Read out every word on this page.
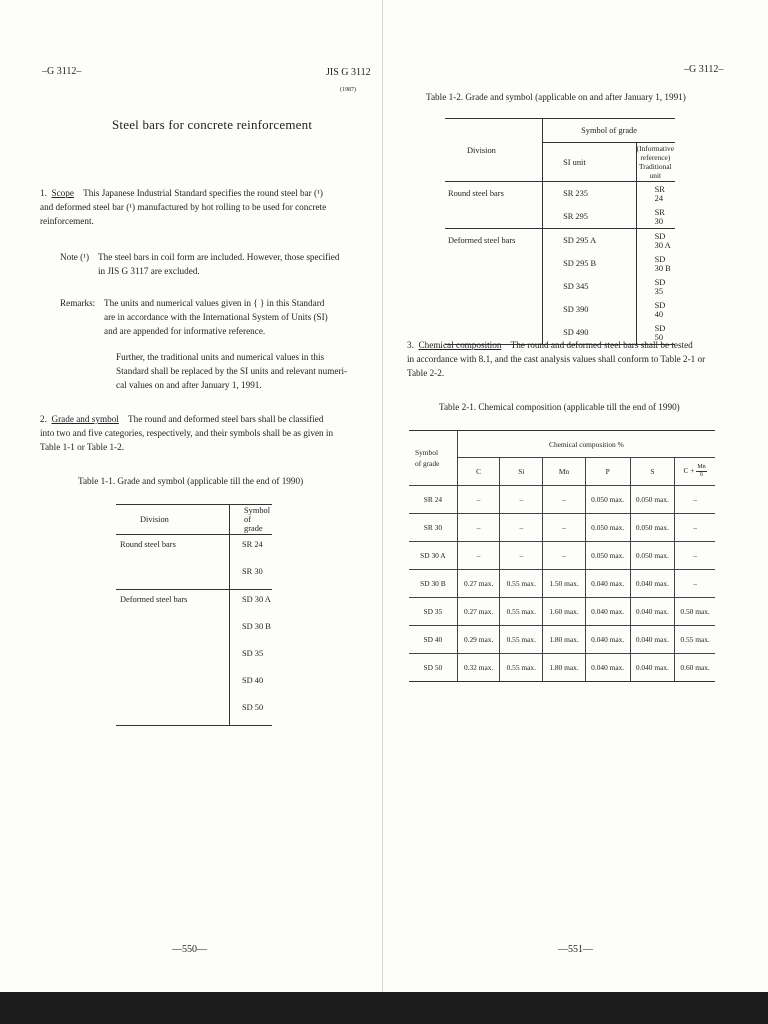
–G 3112–	JIS G 3112
(1987)
Steel bars for concrete reinforcement
1. Scope This Japanese Industrial Standard specifies the round steel bar (¹)
and deformed steel bar (¹) manufactured by hot rolling to be used for concrete
reinforcement.
Note (¹) The steel bars in coil form are included. However, those specified
in JIS G 3117 are excluded.
Remarks: The units and numerical values given in { } in this Standard
are in accordance with the International System of Units (SI)
and are appended for informative reference.
Further, the traditional units and numerical values in this
Standard shall be replaced by the SI units and relevant numeri-
cal values on and after January 1, 1991.
2. Grade and symbol The round and deformed steel bars shall be classified
into two and five categories, respectively, and their symbols shall be as given in
Table 1-1 or Table 1-2.
Table 1-1. Grade and symbol (applicable till the end of 1990)
Division	Symbol of grade
Round steel bars	SR 24
	SR 30
Deformed steel bars	SD 30 A
	SD 30 B
	SD 35
	SD 40
	SD 50
—550—
–G 3112–
Table 1-2. Grade and symbol (applicable on and after January 1, 1991)
Division	Symbol of grade	
	SI unit	(Informative reference)
Traditional unit

Round steel bars	SR 235	SR 24
	SR 295	SR 30
Deformed steel bars	SD 295 A	SD 30 A
	SD 295 B	SD 30 B
	SD 345	SD 35
	SD 390	SD 40
	SD 490	SD 50
3. Chemical composition The round and deformed steel bars shall be tested
in accordance with 8.1, and the cast analysis values shall conform to Table 2-1 or
Table 2-2.
Table 2-1. Chemical composition (applicable till the end of 1990)
Symbol
of grade	Chemical composition %					
	C	Si	Mn	P	S	$C + \frac{Mn}{6}$

SR 24	–	–	–	0.050 max.	0.050 max.	–
SR 30	–	–	–	0.050 max.	0.050 max.	–
SD 30 A	–	–	–	0.050 max.	0.050 max.	–
SD 30 B	0.27 max.	0.55 max.	1.50 max.	0.040 max.	0.040 max.	–
SD 35	0.27 max.	0.55 max.	1.60 max.	0.040 max.	0.040 max.	0.50 max.
SD 40	0.29 max.	0.55 max.	1.80 max.	0.040 max.	0.040 max.	0.55 max.
SD 50	0.32 max.	0.55 max.	1.80 max.	0.040 max.	0.040 max.	0.60 max.
—551—
